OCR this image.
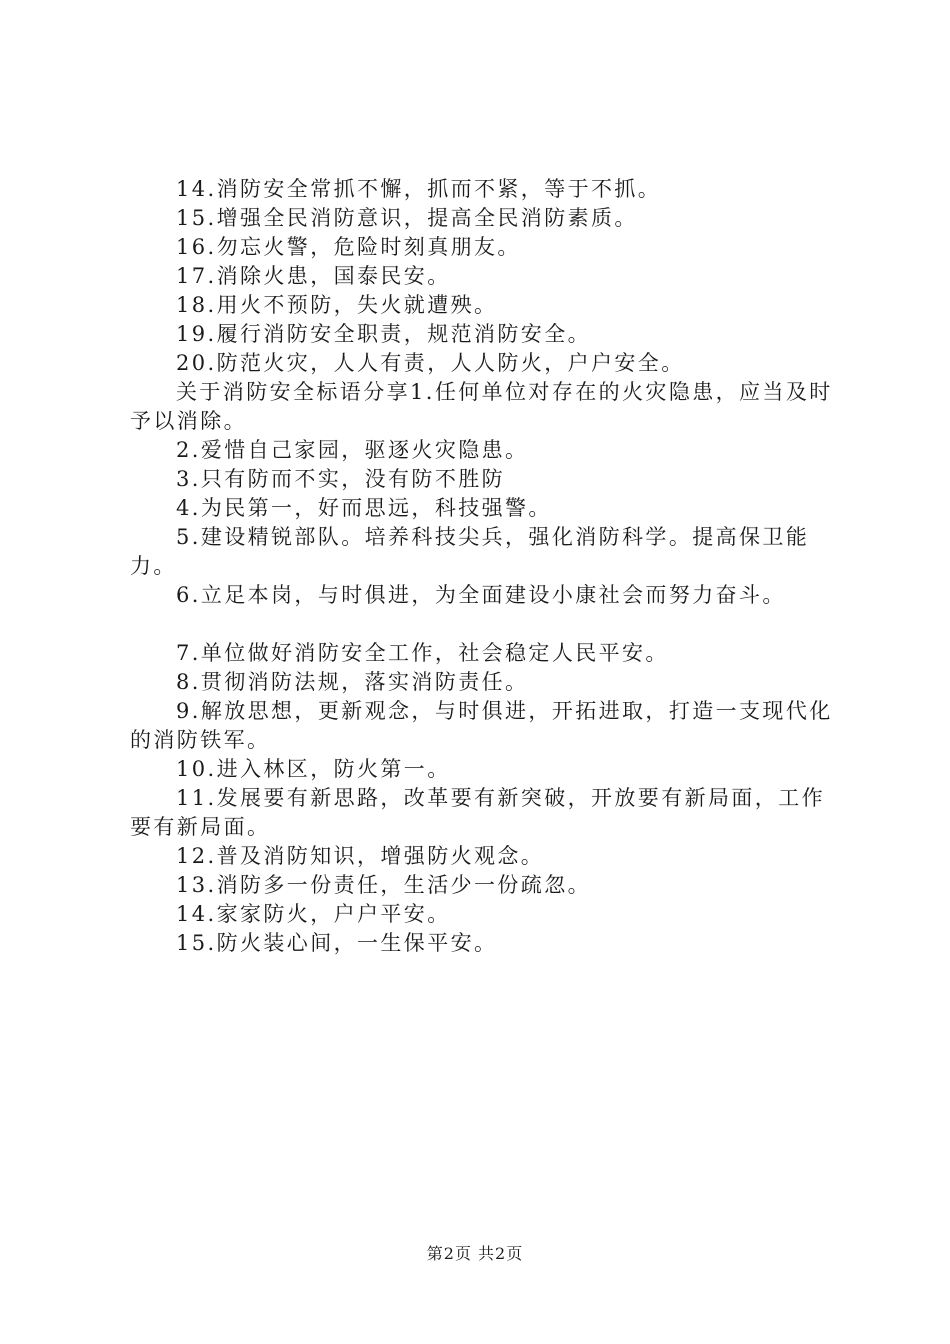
14.消防安全常抓不懈，抓而不紧，等于不抓。

15.增强全民消防意识，提高全民消防素质。

16.勿忘火警，危险时刻真朋友。

17.消除火患，国泰民安。

18.用火不预防，失火就遭殃。

19.履行消防安全职责，规范消防安全。

20.防范火灾，人人有责，人人防火，户户安全。

关于消防安全标语分享1.任何单位对存在的火灾隐患，应当及时予以消除。

2.爱惜自己家园，驱逐火灾隐患。

3.只有防而不实，没有防不胜防

4.为民第一，好而思远，科技强警。

5.建设精锐部队。培养科技尖兵，强化消防科学。提高保卫能力。

6.立足本岗，与时俱进，为全面建设小康社会而努力奋斗。

7.单位做好消防安全工作，社会稳定人民平安。

8.贯彻消防法规，落实消防责任。

9.解放思想，更新观念，与时俱进，开拓进取，打造一支现代化的消防铁军。

10.进入林区，防火第一。

11.发展要有新思路，改革要有新突破，开放要有新局面，工作要有新局面。

12.普及消防知识，增强防火观念。

13.消防多一份责任，生活少一份疏忽。

14.家家防火，户户平安。

15.防火装心间，一生保平安。

第2页 共2页
